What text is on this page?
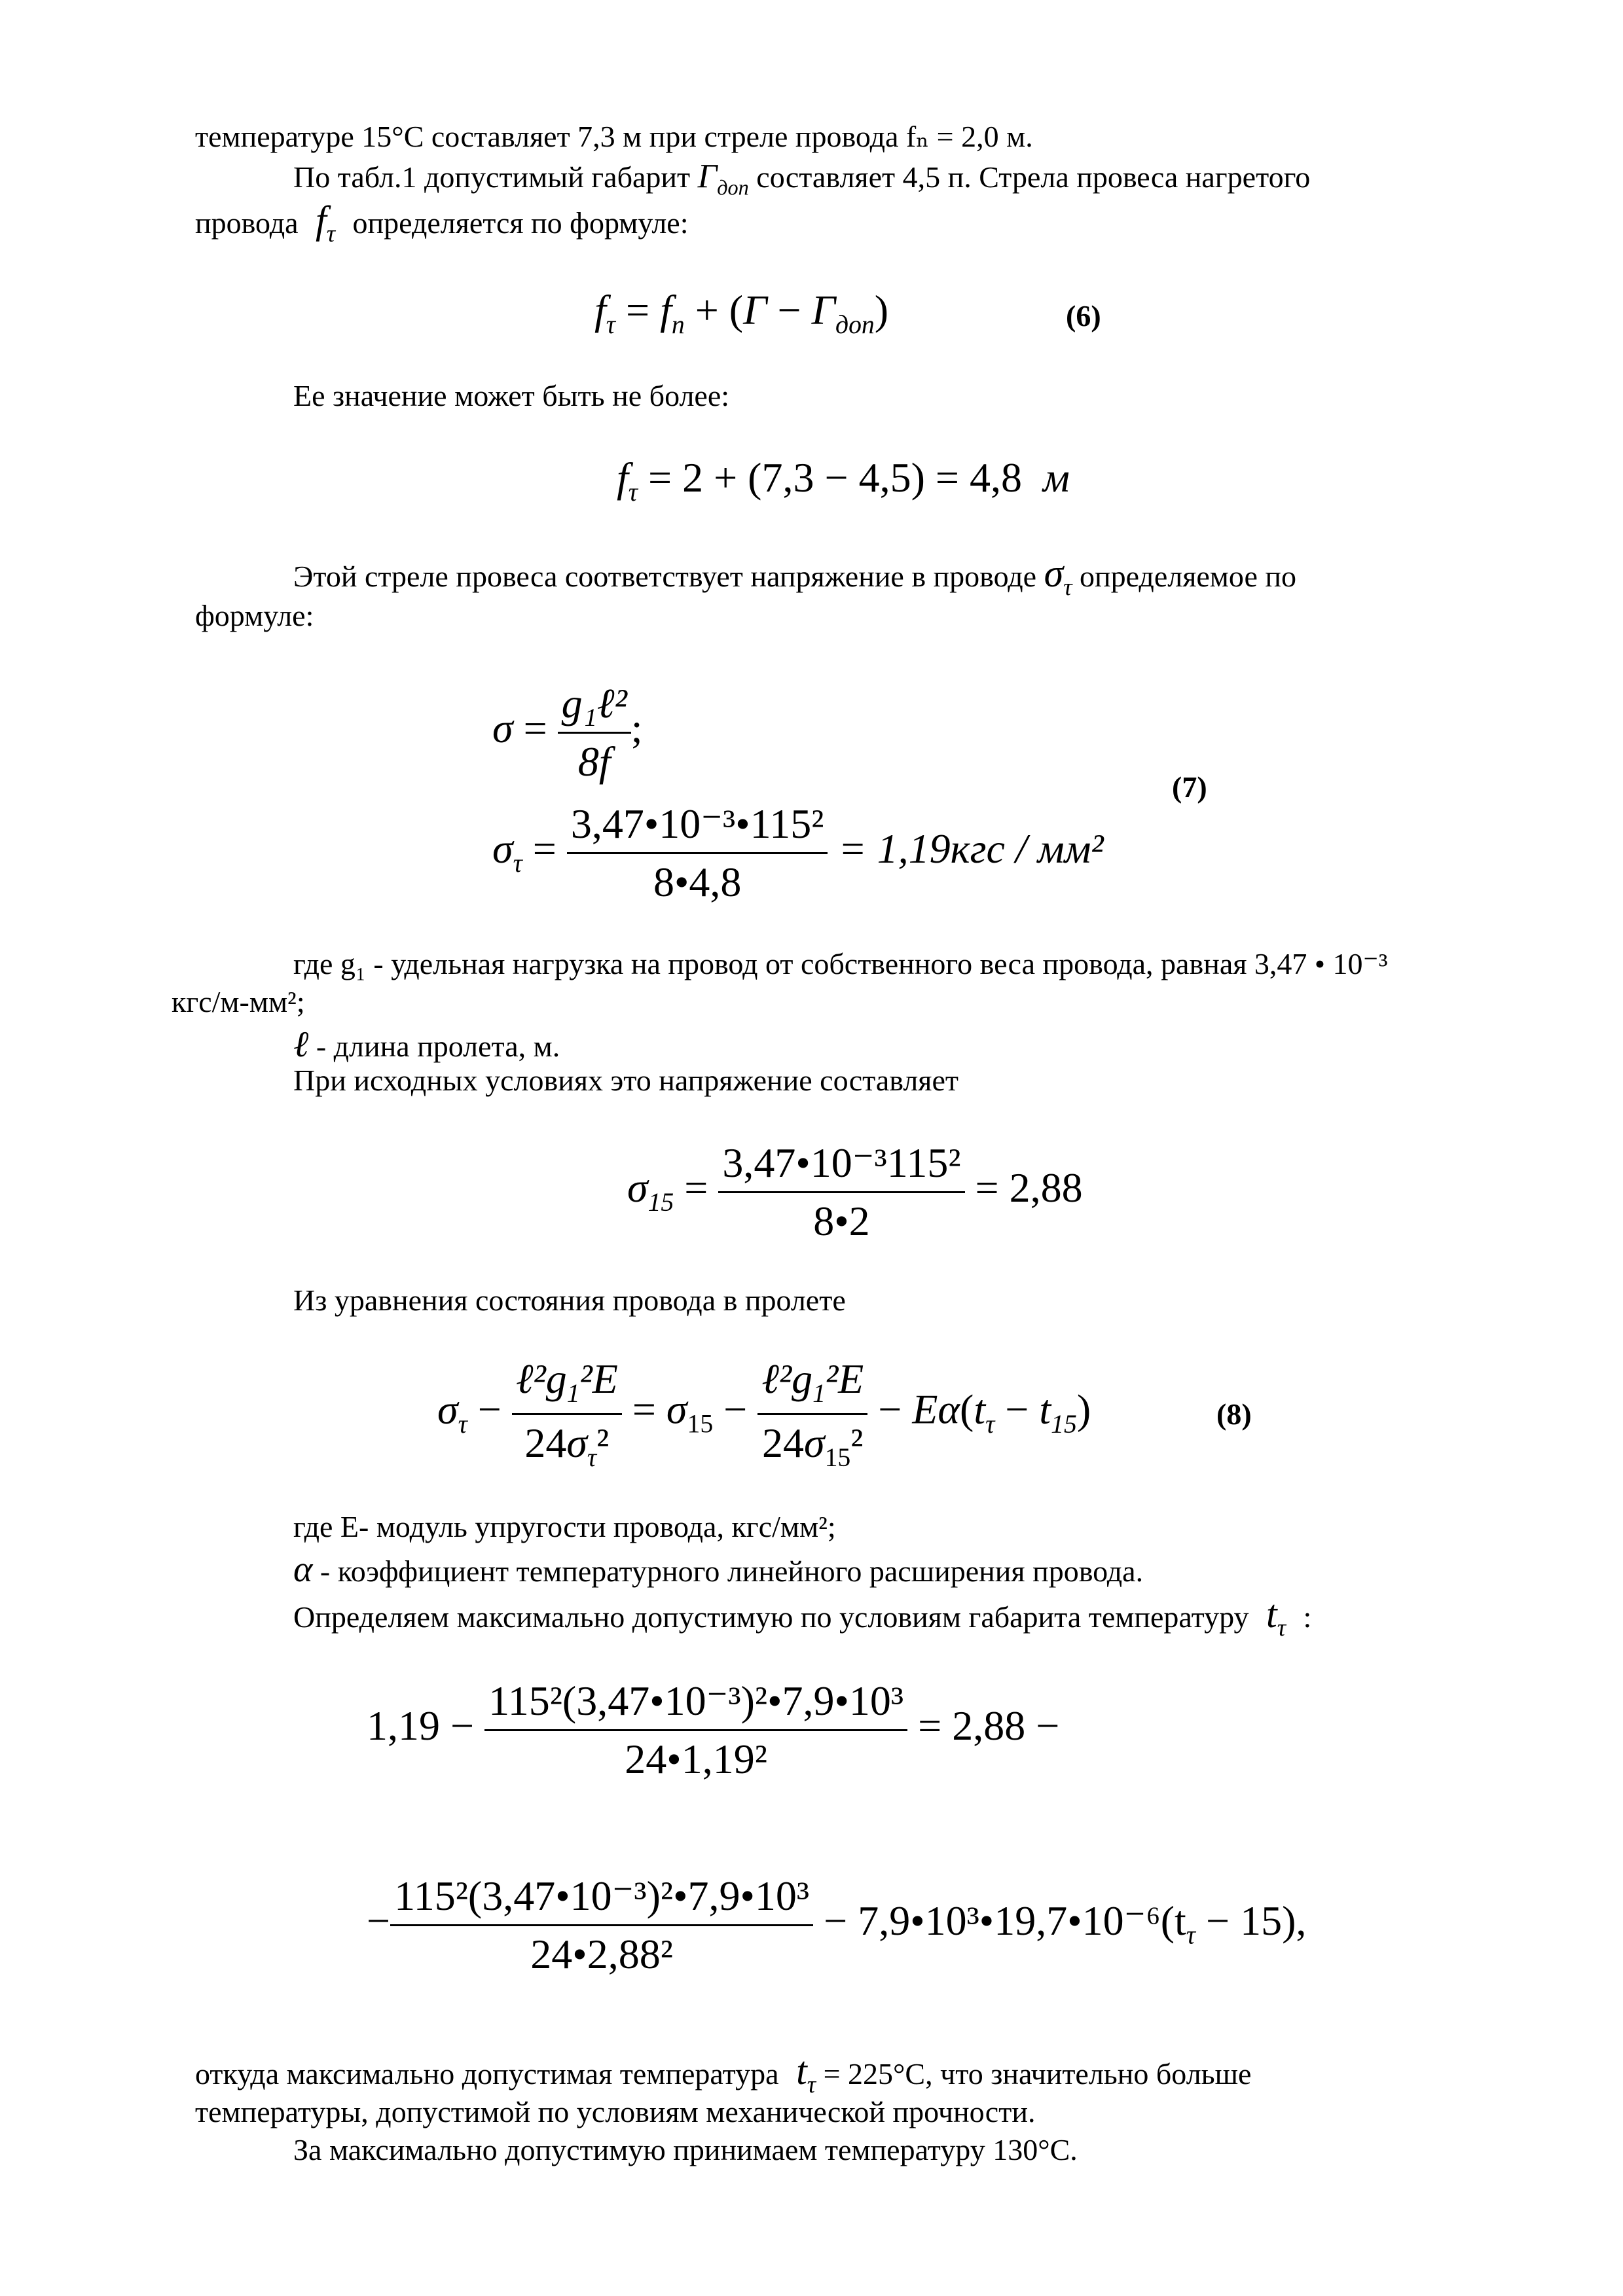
температуре 15°С составляет 7,3 м при стреле провода fₙ = 2,0 м.
По табл.1 допустимый габарит $Г_{доп}$ составляет 4,5 п. Стрела провеса нагретого
провода  $f_\tau$ определяется по формуле:
$f_\tau = f_n + (Г - Г_{доп})$	(6)
Ее значение может быть не более:
$f_\tau = 2 + (7,3 - 4,5) = 4,8$ м
Этой стреле провеса соответствует напряжение в проводе $\sigma_\tau$ определяемое по
формуле:
$\sigma = \frac{\text{g₁ℓ²}}{8f}$ ;
$\sigma_\tau = \frac{\text{3,47•10⁻³•115²}}{8•4,8} = 1,19кгс / мм^2$
(7)
где g₁ - удельная нагрузка на провод от собственного веса провода, равная 3,47 • 10⁻³
кгс/м-мм²;
ℓ - длина пролета, м.
При исходных условиях это напряжение составляет
$\sigma_{15} = \frac{\text{3,47•10⁻³115²}}{8•2} = 2,88$
Из уравнения состояния провода в пролете
$\sigma_\tau - \frac{\ell^2g_1^2E}{24\sigma_\tau^2} = \sigma_{15} - \frac{\ell^2g_1^2E}{24\sigma_{15}^2} - E\alpha(t_\tau - t_{15})$	(8)
где Е- модуль упругости провода, кгс/мм²;
α - коэффициент температурного линейного расширения провода.
Определяем максимально допустимую по условиям габарита температуру  $t_\tau$ :
$1,19 - \frac{\text{115²(3,47•10⁻³)²•7,9•10³}}{\text{24•1,19²}} = 2,88$ −
− $\frac{\text{115²(3,47•10⁻³)²•7,9•10³}}{\text{24•2,88²}}$ − $7,9•10^3•19,7•10^{-6}(t_\tau - 15)$,
откуда максимально допустимая температура  $t_\tau = 225^\circ С$, что значительно больше
температуры, допустимой по условиям механической прочности.
За максимально допустимую принимаем температуру 130°С.
